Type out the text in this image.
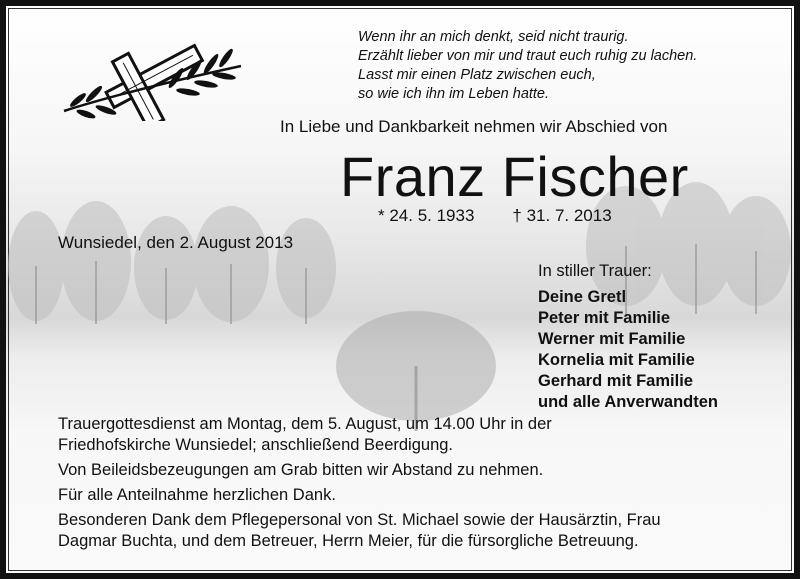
Wenn ihr an mich denkt, seid nicht traurig.
Erzählt lieber von mir und traut euch ruhig zu lachen.
Lasst mir einen Platz zwischen euch,
so wie ich ihn im Leben hatte.
In Liebe und Dankbarkeit nehmen wir Abschied von
Franz Fischer
* 24. 5. 1933 † 31. 7. 2013
Wunsiedel, den 2. August 2013
In stiller Trauer:
Deine Gretl
Peter mit Familie
Werner mit Familie
Kornelia mit Familie
Gerhard mit Familie
und alle Anverwandten

Trauergottesdienst am Montag, dem 5. August, um 14.00 Uhr in der
Friedhofskirche Wunsiedel; anschließend Beerdigung.

Von Beileidsbezeugungen am Grab bitten wir Abstand zu nehmen.

Für alle Anteilnahme herzlichen Dank.

Besonderen Dank dem Pflegepersonal von St. Michael sowie der Hausärztin, Frau
Dagmar Buchta, und dem Betreuer, Herrn Meier, für die fürsorgliche Betreuung.
